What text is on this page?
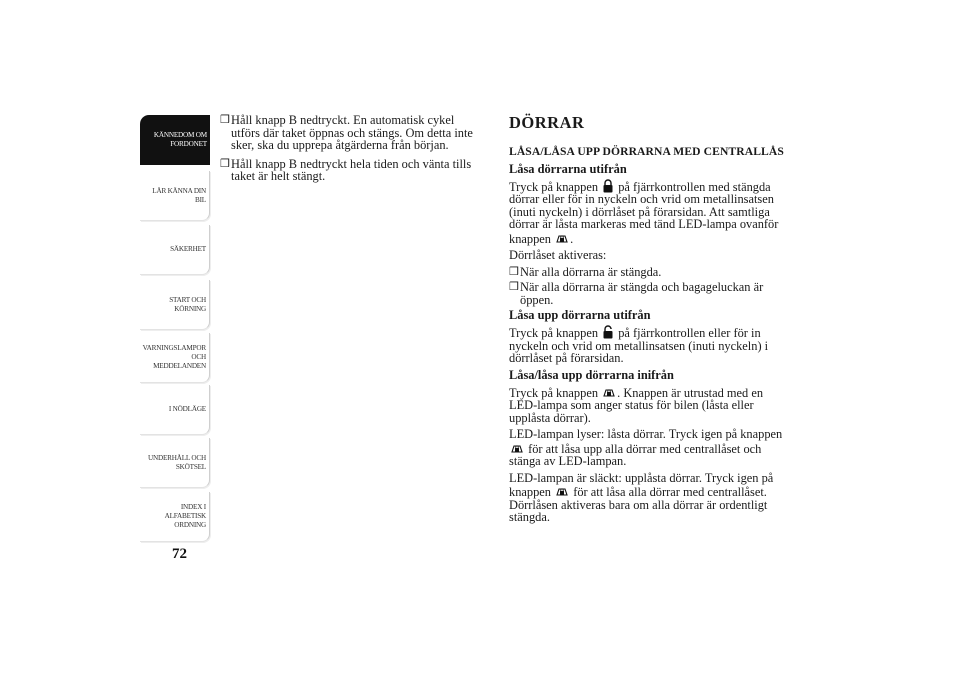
KÄNNEDOM OM
FORDONET
LÄR KÄNNA DIN
BIL
SÄKERHET
START OCH
KÖRNING
VARNINGSLAMPOR
OCH
MEDDELANDEN
I NÖDLÄGE
UNDERHÅLL OCH
SKÖTSEL
INDEX I
ALFABETISK
ORDNING
72
❒ Håll knapp B nedtryckt. En automatisk cykel utförs där taket öppnas och stängs. Om detta inte sker, ska du upprepa åtgärderna från början.
❒ Håll knapp B nedtryckt hela tiden och vänta tills taket är helt stängt.
DÖRRAR
LÅSA/LÅSA UPP DÖRRARNA MED CENTRALLÅS
Låsa dörrarna utifrån

Tryck på knappen på fjärrkontrollen med stängda dörrar eller för in nyckeln och vrid om metallinsatsen (inuti nyckeln) i dörrlåset på förarsidan. Att samtliga dörrar är låsta markeras med tänd LED-lampa ovanför knappen .

Dörrlåset aktiveras:

❒ När alla dörrarna är stängda.
❒ När alla dörrarna är stängda och bagageluckan är öppen.
Låsa upp dörrarna utifrån

Tryck på knappen på fjärrkontrollen eller för in nyckeln och vrid om metallinsatsen (inuti nyckeln) i dörrlåset på förarsidan.

Låsa/låsa upp dörrarna inifrån

Tryck på knappen . Knappen är utrustad med en LED-lampa som anger status för bilen (låsta eller upplåsta dörrar).

LED-lampan lyser: låsta dörrar. Tryck igen på knappen  för att låsa upp alla dörrar med centrallåset och stänga av LED-lampan.

LED-lampan är släckt: upplåsta dörrar. Tryck igen på knappen för att låsa alla dörrar med centrallåset. Dörrlåsen aktiveras bara om alla dörrar är ordentligt stängda.
